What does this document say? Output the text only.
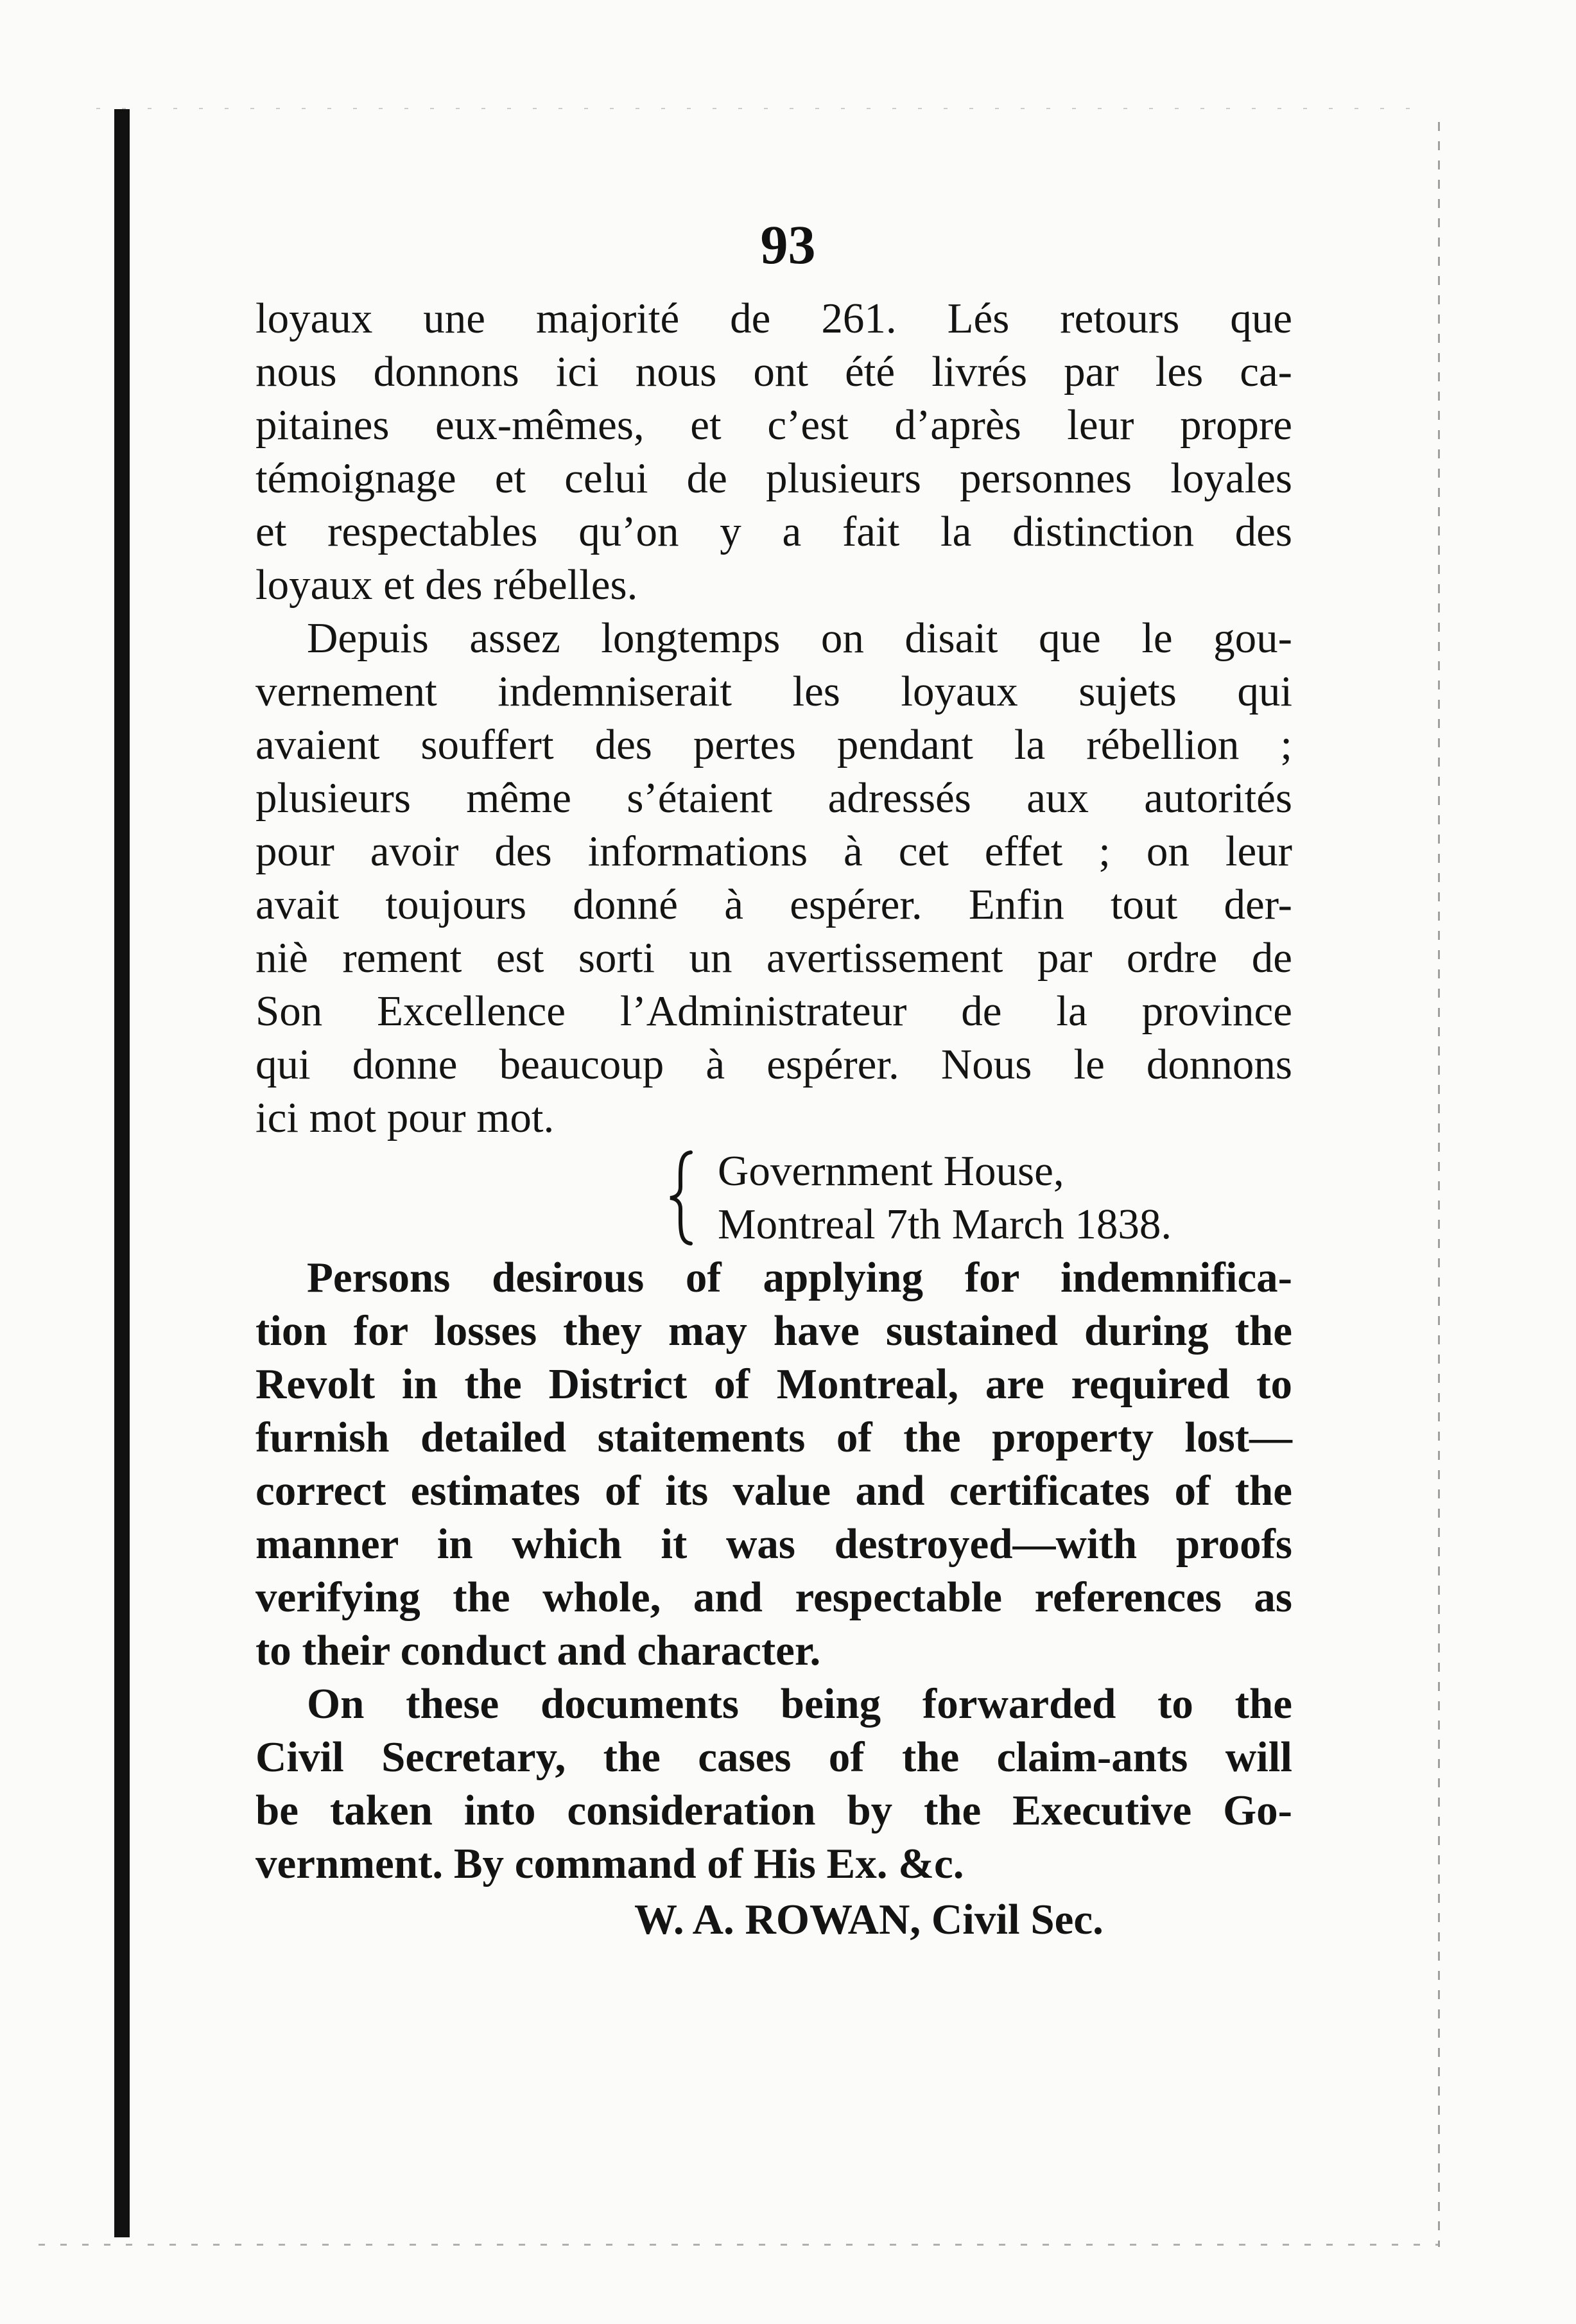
93
loyaux une majorité de 261. Lés retours que
nous donnons ici nous ont été livrés par les ca-
pitaines eux-mêmes, et c’est d’après leur propre
témoignage et celui de plusieurs personnes loyales
et respectables qu’on y a fait la distinction des
loyaux et des rébelles.
Depuis assez longtemps on disait que le gou-
vernement indemniserait les loyaux sujets qui
avaient souffert des pertes pendant la rébellion ;
plusieurs même s’étaient adressés aux autorités
pour avoir des informations à cet effet ; on leur
avait toujours donné à espérer. Enfin tout der-
niè rement est sorti un avertissement par ordre de
Son Excellence l’Administrateur de la province
qui donne beaucoup à espérer. Nous le donnons
ici mot pour mot.
Government House,
Montreal 7th March 1838.
Persons desirous of applying for indemnifica-
tion for losses they may have sustained during the
Revolt in the District of Montreal, are required to
furnish detailed staitements of the property lost—
correct estimates of its value and certificates of the
manner in which it was destroyed—with proofs
verifying the whole, and respectable references as
to their conduct and character.
On these documents being forwarded to the
Civil Secretary, the cases of the claim-ants will
be taken into consideration by the Executive Go-
vernment. By command of His Ex. &c.
W. A. ROWAN, Civil Sec.
